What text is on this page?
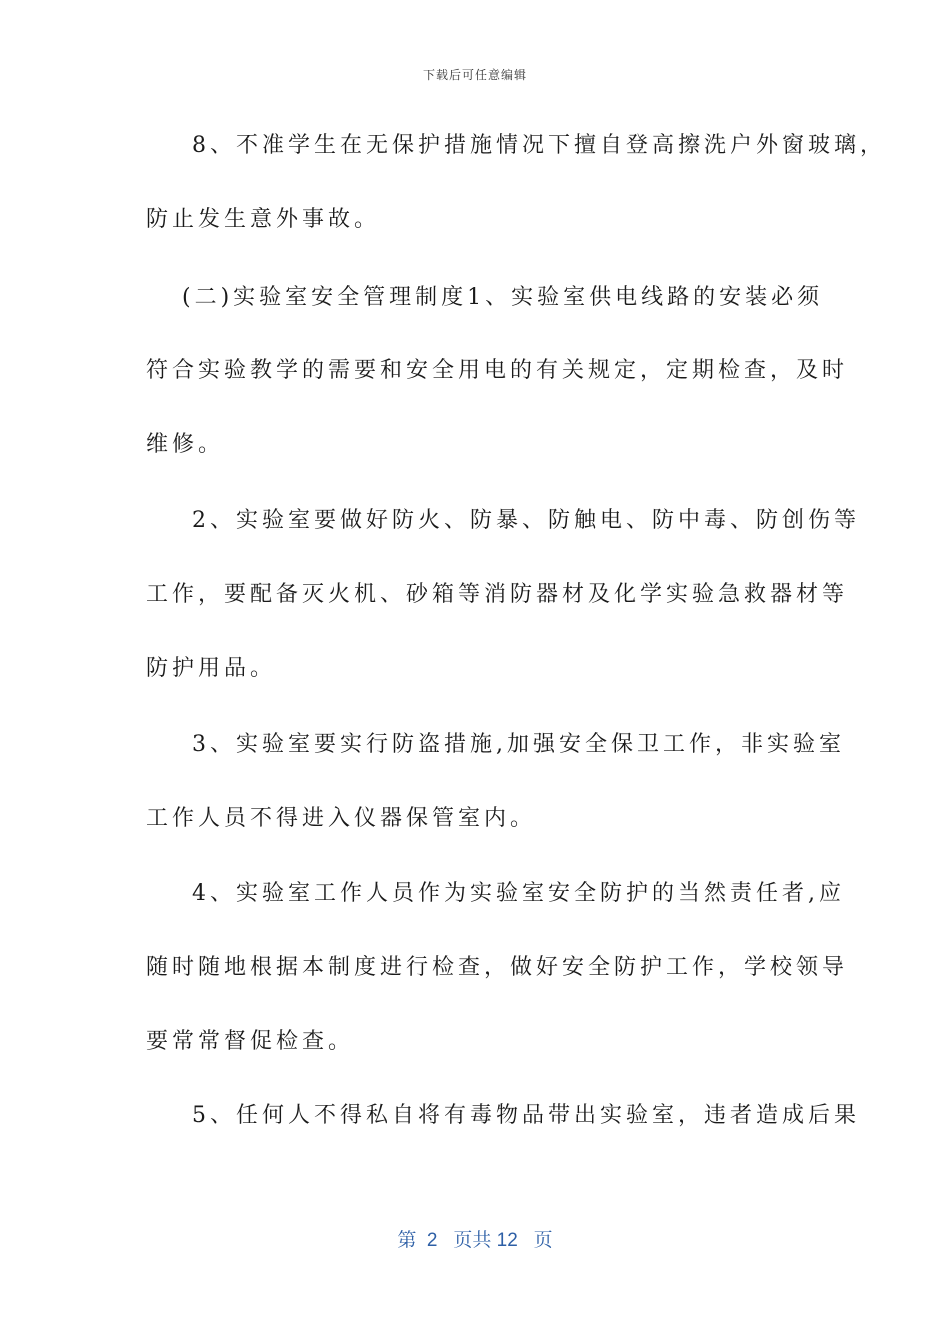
下载后可任意编辑
8、不准学生在无保护措施情况下擅自登高擦洗户外窗玻璃，
防止发生意外事故。
(二)实验室安全管理制度1、实验室供电线路的安装必须
符合实验教学的需要和安全用电的有关规定，定期检查，及时
维修。
2、实验室要做好防火、防暴、防触电、防中毒、防创伤等
工作，要配备灭火机、砂箱等消防器材及化学实验急救器材等
防护用品。
3、实验室要实行防盗措施,加强安全保卫工作，非实验室
工作人员不得进入仪器保管室内。
4、实验室工作人员作为实验室安全防护的当然责任者,应
随时随地根据本制度进行检查，做好安全防护工作，学校领导
要常常督促检查。
5、任何人不得私自将有毒物品带出实验室，违者造成后果
第 2 页共 12 页
